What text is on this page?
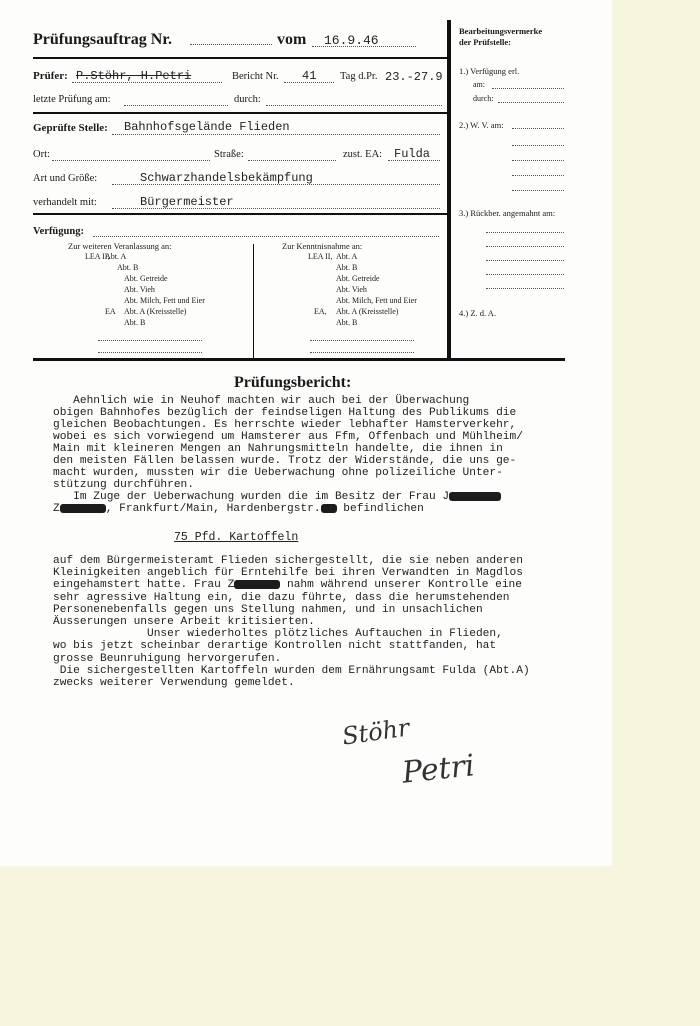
Prüfungsauftrag Nr.	vom 16.9.46
Prüfer: P.Stöhr, H.Petri	Bericht Nr. 41 Tag d.Pr. 23.-27.9
letzte Prüfung am:	durch:
Geprüfte Stelle: Bahnhofsgelände Flieden
Ort:	Straße:	zust. EA: Fulda
Art und Größe:	Schwarzhandelsbekämpfung
verhandelt mit:	Bürgermeister
Verfügung:
Zur weiteren Veranlassung an:
LEA II,
Abt. A
Abt. B
Abt. Getreide
Abt. Vieh
Abt. Milch, Fett und Eier
EA Abt. A (Kreisstelle)
Abt. B
Zur Kenntnisnahme an:
LEA II, Abt. A
Abt. B
Abt. Getreide
Abt. Vieh
Abt. Milch, Fett und Eier
EA, Abt. A (Kreisstelle)
Abt. B
Bearbeitungsvermerke
der Prüfstelle:
1.) Verfügung erl.
am:
durch:
2.) W. V. am:
3.) Rückber. angemahnt am:
4.) Z. d. A.
Prüfungsbericht:
Aehnlich wie in Neuhof machten wir auch bei der Überwachung
obigen Bahnhofes bezüglich der feindseligen Haltung des Publikums die
gleichen Beobachtungen. Es herrschte wieder lebhafter Hamsterverkehr,
wobei es sich vorwiegend um Hamsterer aus Ffm, Offenbach und Mühlheim/
Main mit kleineren Mengen an Nahrungsmitteln handelte, die ihnen in
den meisten Fällen belassen wurde. Trotz der Widerstände, die uns ge-
macht wurden, mussten wir die Ueberwachung ohne polizeiliche Unter-
stützung durchführen.
Im Zuge der Ueberwachung wurden die im Besitz der Frau J
Z	, Frankfurt/Main, Hardenbergstr. befindlichen
75 Pfd. Kartoffeln
auf dem Bürgermeisteramt Flieden sichergestellt, die sie neben anderen
Kleinigkeiten angeblich für Erntehilfe bei ihren Verwandten in Magdlos
eingehamstert hatte. Frau Z	nahm während unserer Kontrolle eine
sehr agressive Haltung ein, die dazu führte, dass die herumstehenden
Personenebenfalls gegen uns Stellung nahmen, und in unsachlichen
Äusserungen unsere Arbeit kritisierten.
Unser wiederholtes plötzliches Auftauchen in Flieden,
wo bis jetzt scheinbar derartige Kontrollen nicht stattfanden, hat
grosse Beunruhigung hervorgerufen.
Die sichergestellten Kartoffeln wurden dem Ernährungsamt Fulda (Abt.A)
zwecks weiterer Verwendung gemeldet.
Stöhr
Petri
